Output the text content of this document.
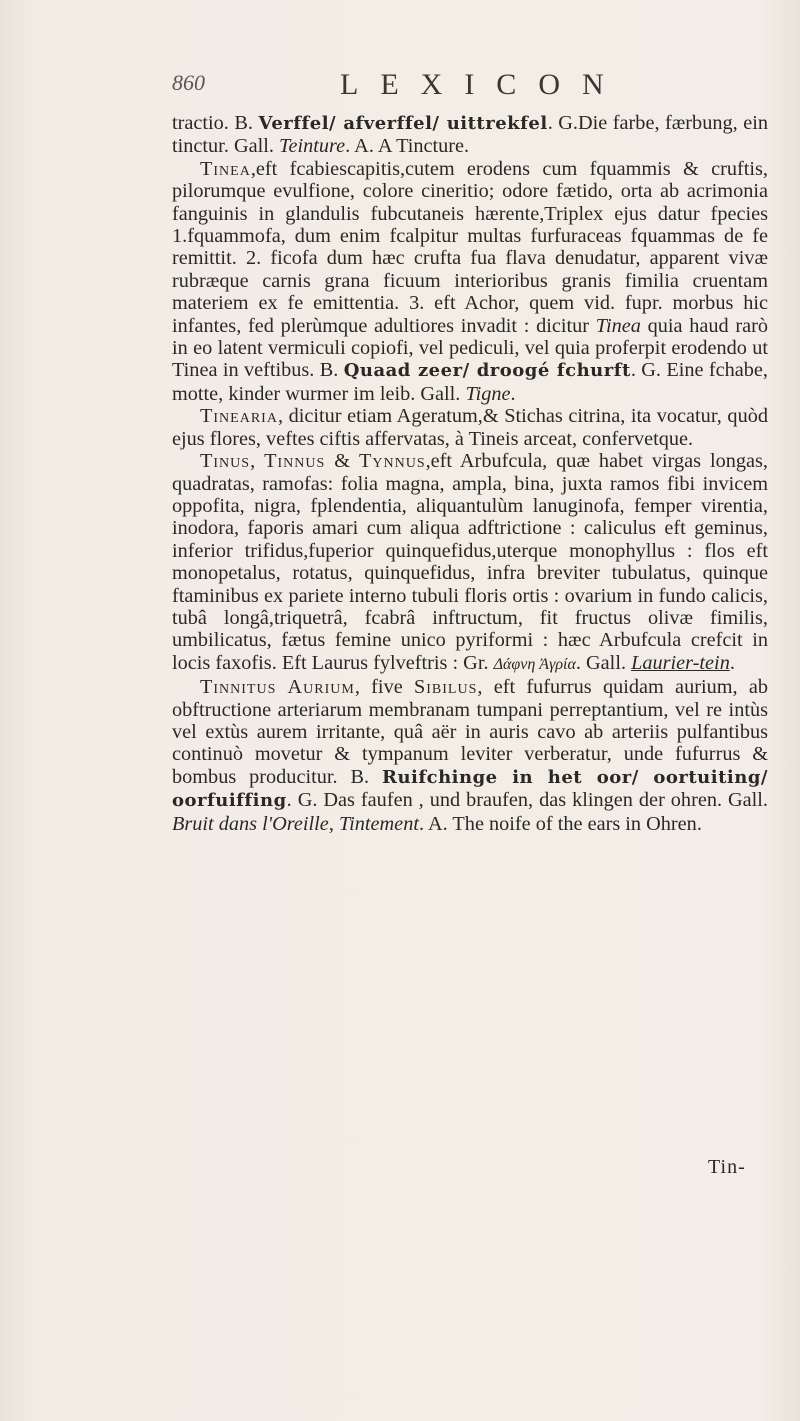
860	LEXICON

tractio. B. Verffel/ afverffel/ uittrekfel. G.Die farbe, færbung, ein tinctur. Gall. Teinture. A. A Tincture.

Tinea,eft fcabiescapitis,cutem erodens cum fquammis & cruftis, pilorumque evulfione, colore cineritio; odore fætido, orta ab acrimonia fanguinis in glandulis fubcutaneis hærente,Triplex ejus datur fpecies 1.fquammofa, dum enim fcalpitur multas furfuraceas fquammas de fe remittit. 2. ficofa dum hæc crufta fua flava denudatur, apparent vivæ rubræque carnis grana ficuum interioribus granis fimilia cruentam materiem ex fe emittentia. 3. eft Achor, quem vid. fupr. morbus hic infantes, fed plerùmque adultiores invadit : dicitur Tinea quia haud rarò in eo latent vermiculi copiofi, vel pediculi, vel quia proferpit erodendo ut Tinea in veftibus. B. Quaad zeer/ droogé fchurft. G. Eine fchabe, motte, kinder wurmer im leib. Gall. Tigne.

Tinearia, dicitur etiam Ageratum,& Stichas citrina, ita vocatur, quòd ejus flores, veftes ciftis affervatas, à Tineis arceat, confervetque.

Tinus, Tinnus & Tynnus,eft Arbufcula, quæ habet virgas longas, quadratas, ramofas: folia magna, ampla, bina, juxta ramos fibi invicem oppofita, nigra, fplendentia, aliquantulùm lanuginofa, femper virentia, inodora, faporis amari cum aliqua adftrictione : caliculus eft geminus, inferior trifidus,fuperior quinquefidus,uterque monophyllus : flos eft monopetalus, rotatus, quinquefidus, infra breviter tubulatus, quinque ftaminibus ex pariete interno tubuli floris ortis : ovarium in fundo calicis, tubâ longâ,triquetrâ, fcabrâ inftructum, fit fructus olivæ fimilis, umbilicatus, fætus femine unico pyriformi : hæc Arbufcula crefcit in locis faxofis. Eft Laurus fylveftris : Gr. Δάφνη Ἀγρία. Gall. Laurier-tein.

Tinnitus Aurium, five Sibilus, eft fufurrus quidam aurium, ab obftructione arteriarum membranam tumpani perreptantium, vel re intùs vel extùs aurem irritante, quâ aër in auris cavo ab arteriis pulfantibus continuò movetur & tympanum leviter verberatur, unde fufurrus & bombus producitur. B. Ruifchinge in het oor/ oortuiting/ oorfuiffing. G. Das faufen , und braufen, das klingen der ohren. Gall. Bruit dans l'Oreille, Tintement. A. The noife of the ears in Ohren.

Tin-
